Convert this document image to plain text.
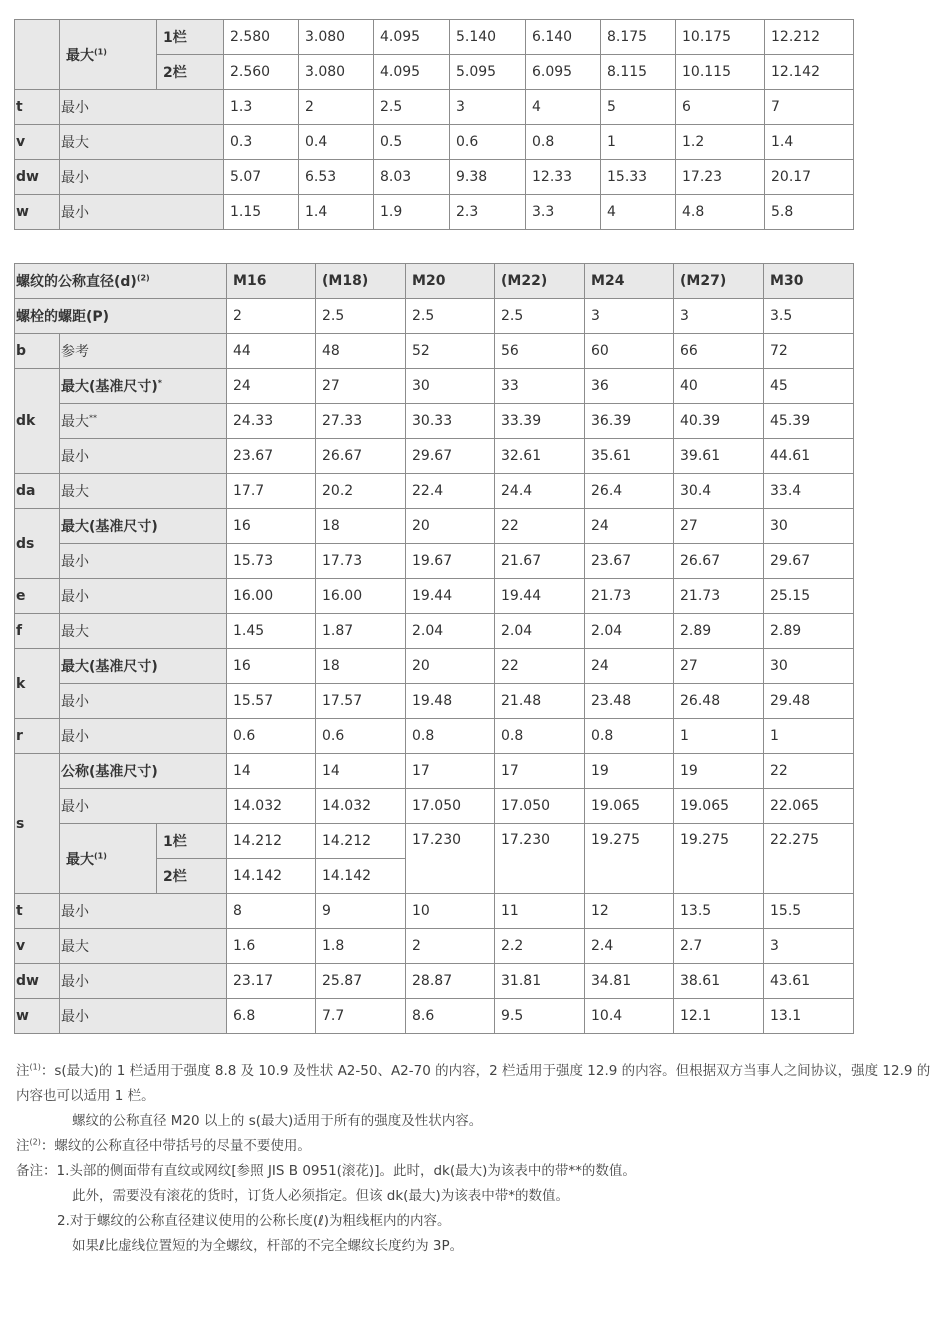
	最大$^{(1)}$	1栏	2.580	3.080	4.095	5.140	6.140	8.175	10.175	12.212
		2栏	2.560	3.080	4.095	5.095	6.095	8.115	10.115	12.142
t	最小		1.3	2	2.5	3	4	5	6	7
v	最大		0.3	0.4	0.5	0.6	0.8	1	1.2	1.4
dw	最小		5.07	6.53	8.03	9.38	12.33	15.33	17.23	20.17
w	最小		1.15	1.4	1.9	2.3	3.3	4	4.8	5.8
螺纹的公称直径$(d)^{(2)}$			M16	(M18)	M20	(M22)	M24	(M27)	M30
螺栓的螺距(P)			2	2.5	2.5	2.5	3	3	3.5
b	参考		44	48	52	56	60	66	72
dk	最大(基准尺寸)*		24	27	30	33	36	40	45
	最大**		24.33	27.33	30.33	33.39	36.39	40.39	45.39
	最小		23.67	26.67	29.67	32.61	35.61	39.61	44.61
da	最大		17.7	20.2	22.4	24.4	26.4	30.4	33.4
ds	最大(基准尺寸)		16	18	20	22	24	27	30
	最小		15.73	17.73	19.67	21.67	23.67	26.67	29.67
e	最小		16.00	16.00	19.44	19.44	21.73	21.73	25.15
f	最大		1.45	1.87	2.04	2.04	2.04	2.89	2.89
k	最大(基准尺寸)		16	18	20	22	24	27	30
	最小		15.57	17.57	19.48	21.48	23.48	26.48	29.48
r	最小		0.6	0.6	0.8	0.8	0.8	1	1
s	公称(基准尺寸)		14	14	17	17	19	19	22
	最小		14.032	14.032	17.050	17.050	19.065	19.065	22.065
	最大$^{(1)}$	1栏	14.212	14.212	17.230	17.230	19.275	19.275	22.275
		2栏	14.142	14.142					
t	最小		8	9	10	11	12	13.5	15.5
v	最大		1.6	1.8	2	2.2	2.4	2.7	3
dw	最小		23.17	25.87	28.87	31.81	34.81	38.61	43.61
w	最小		6.8	7.7	8.6	9.5	10.4	12.1	13.1

注$^{(1)}$：s(最大)的 1 栏适用于强度 8.8 及 10.9 及性状 A2-50、A2-70 的内容，2 栏适用于强度 12.9 的内容。但根据双方当事人之间协议，强度 12.9 的内容也可以适用 1 栏。

螺纹的公称直径 M20 以上的 s(最大)适用于所有的强度及性状内容。

注$^{(2)}$：螺纹的公称直径中带括号的尽量不要使用。

备注：1.头部的侧面带有直纹或网纹[参照 JIS B 0951(滚花)]。此时，dk(最大)为该表中的带**的数值。

此外，需要没有滚花的货时，订货人必须指定。但该 dk(最大)为该表中带*的数值。

2.对于螺纹的公称直径建议使用的公称长度(ℓ)为粗线框内的内容。

如果ℓ比虚线位置短的为全螺纹，杆部的不完全螺纹长度约为 3P。
